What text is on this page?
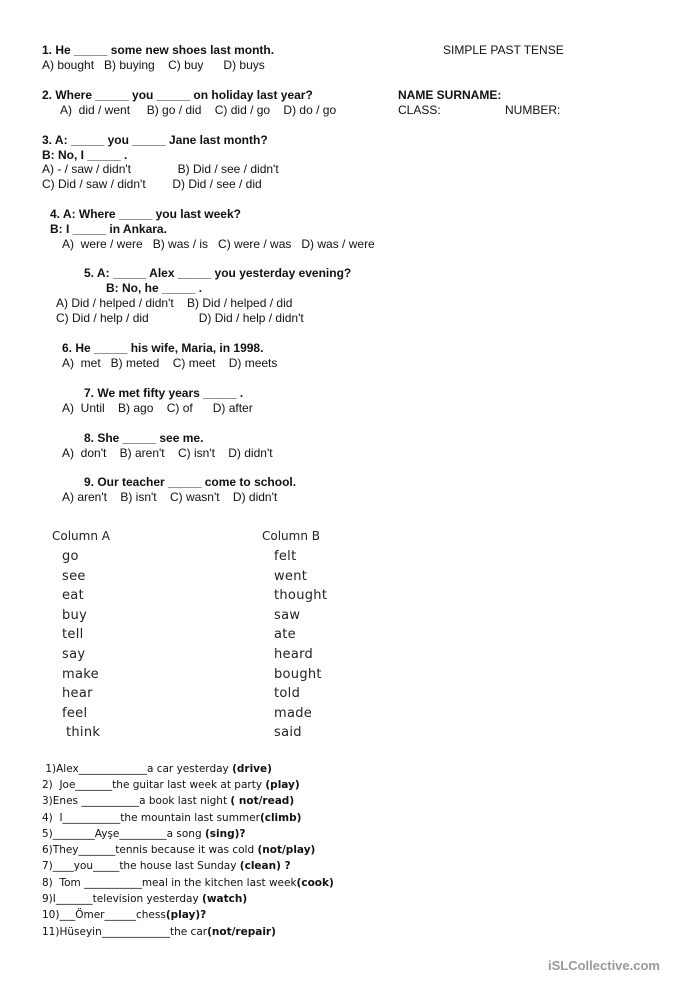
SIMPLE PAST TENSE
NAME SURNAME:
CLASS:	NUMBER:
1. He _____ some new shoes last month.
A) bought   B) buying    C) buy      D) buys
2. Where _____ you _____ on holiday last year?
A)  did / went     B) go / did    C) did / go    D) do / go
3. A: _____ you _____ Jane last month?
B: No, I _____ .
A) - / saw / didn't              B) Did / see / didn't
C) Did / saw / didn't        D) Did / see / did
4. A: Where _____ you last week?
B: I _____ in Ankara.
A)  were / were   B) was / is   C) were / was   D) was / were
5. A: _____ Alex _____ you yesterday evening?
B: No, he _____ .
A) Did / helped / didn't    B) Did / helped / did
C) Did / help / did               D) Did / help / didn't
6. He _____ his wife, Maria, in 1998.
A)  met   B) meted    C) meet    D) meets
7. We met fifty years _____ .
A)  Until    B) ago    C) of      D) after
8. She _____ see me.
A)  don't    B) aren't    C) isn't    D) didn't
9. Our teacher _____ come to school.
A) aren't    B) isn't    C) wasn't    D) didn't
Column A	Column B
go
see
eat
buy
tell
say
make
hear
feel
think
felt
went
thought
saw
ate
heard
bought
told
made
said
1)Alex_____________a car yesterday (drive)
2)  Joe_______the guitar last week at party (play)
3)Enes ___________a book last night ( not/read)
4)  I___________the mountain last summer(climb)
5)________Ayşe_________a song (sing)?
6)They_______tennis because it was cold (not/play)
7)____you_____the house last Sunday (clean) ?
8)  Tom ___________meal in the kitchen last week(cook)
9)I_______television yesterday (watch)
10)___Ömer______chess(play)?
11)Hüseyin_____________the car(not/repair)
iSLCollective.com
